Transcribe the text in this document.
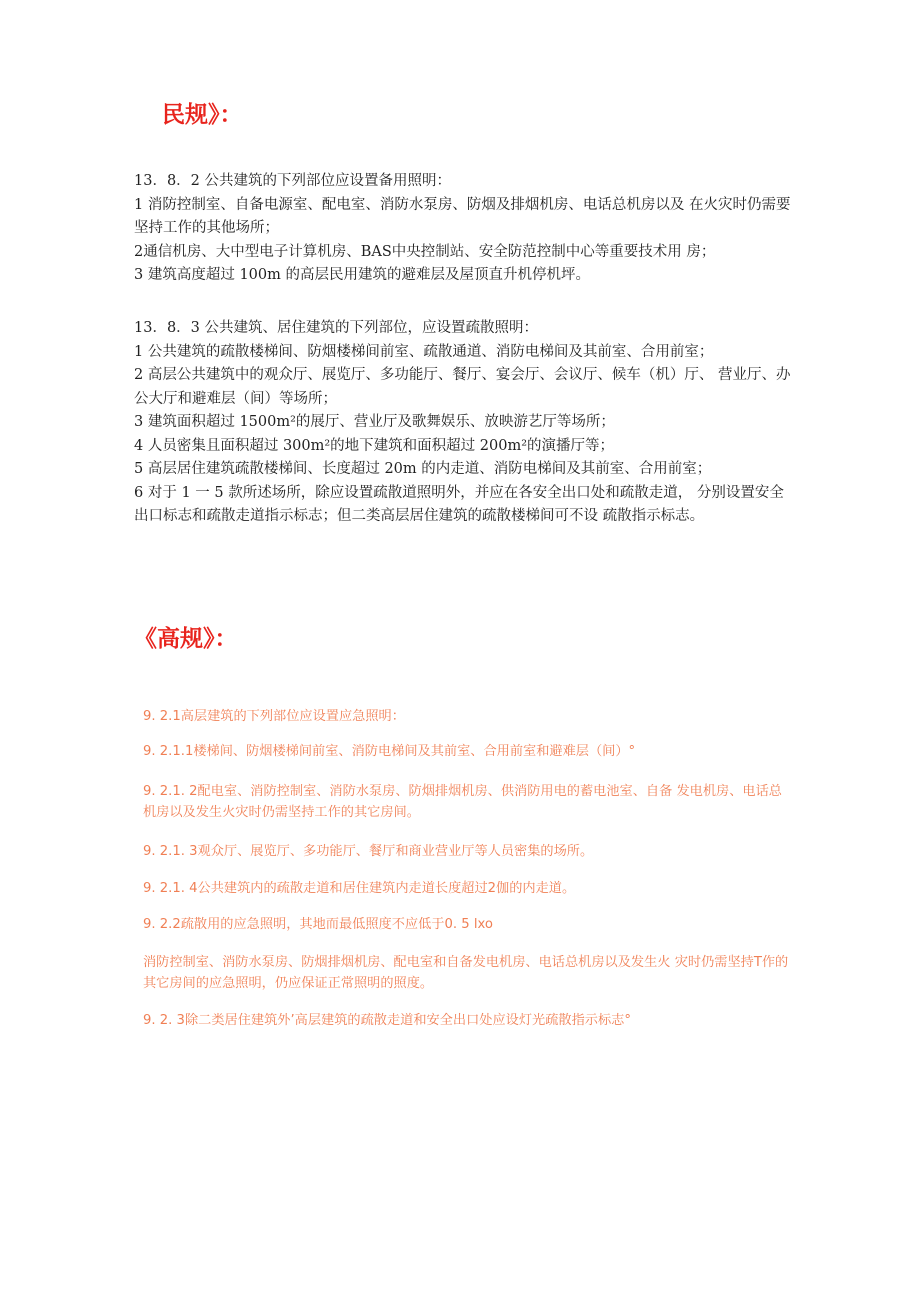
民规》：

13．8．2 公共建筑的下列部位应设置备用照明：

1 消防控制室、自备电源室、配电室、消防水泵房、防烟及排烟机房、电话总机房以及 在火灾时仍需要坚持工作的其他场所；

2通信机房、大中型电子计算机房、BAS中央控制站、安全防范控制中心等重要技术用 房；

3 建筑高度超过 100m 的高层民用建筑的避难层及屋顶直升机停机坪。

13．8．3 公共建筑、居住建筑的下列部位，应设置疏散照明：

1 公共建筑的疏散楼梯间、防烟楼梯间前室、疏散通道、消防电梯间及其前室、合用前室；

2 高层公共建筑中的观众厅、展览厅、多功能厅、餐厅、宴会厅、会议厅、候车（机）厅、 营业厅、办公大厅和避难层（间）等场所；

3 建筑面积超过 1500m²的展厅、营业厅及歌舞娱乐、放映游艺厅等场所；

4 人员密集且面积超过 300m²的地下建筑和面积超过 200m²的演播厅等；

5 高层居住建筑疏散楼梯间、长度超过 20m 的内走道、消防电梯间及其前室、合用前室；

6 对于 1 一 5 款所述场所，除应设置疏散道照明外，并应在各安全出口处和疏散走道， 分别设置安全出口标志和疏散走道指示标志；但二类高层居住建筑的疏散楼梯间可不设 疏散指示标志。

《高规》：

9. 2.1高层建筑的下列部位应设置应急照明：

9. 2.1.1楼梯间、防烟楼梯间前室、消防电梯间及其前室、合用前室和避难层（间）°

9. 2.1. 2配电室、消防控制室、消防水泵房、防烟排烟机房、供消防用电的蓄电池室、自备 发电机房、电话总机房以及发生火灾时仍需坚持工作的其它房间。

9. 2.1. 3观众厅、展览厅、多功能厅、餐厅和商业营业厅等人员密集的场所。

9. 2.1. 4公共建筑内的疏散走道和居住建筑内走道长度超过2伽的内走道。

9. 2.2疏散用的应急照明，其地而最低照度不应低于0. 5 lxo

消防控制室、消防水泵房、防烟排烟机房、配电室和自备发电机房、电话总机房以及发生火 灾时仍需坚持T作的其它房间的应急照明，仍应保证正常照明的照度。

9. 2. 3除二类居住建筑外’高层建筑的疏散走道和安全出口处应设灯光疏散指示标志°
